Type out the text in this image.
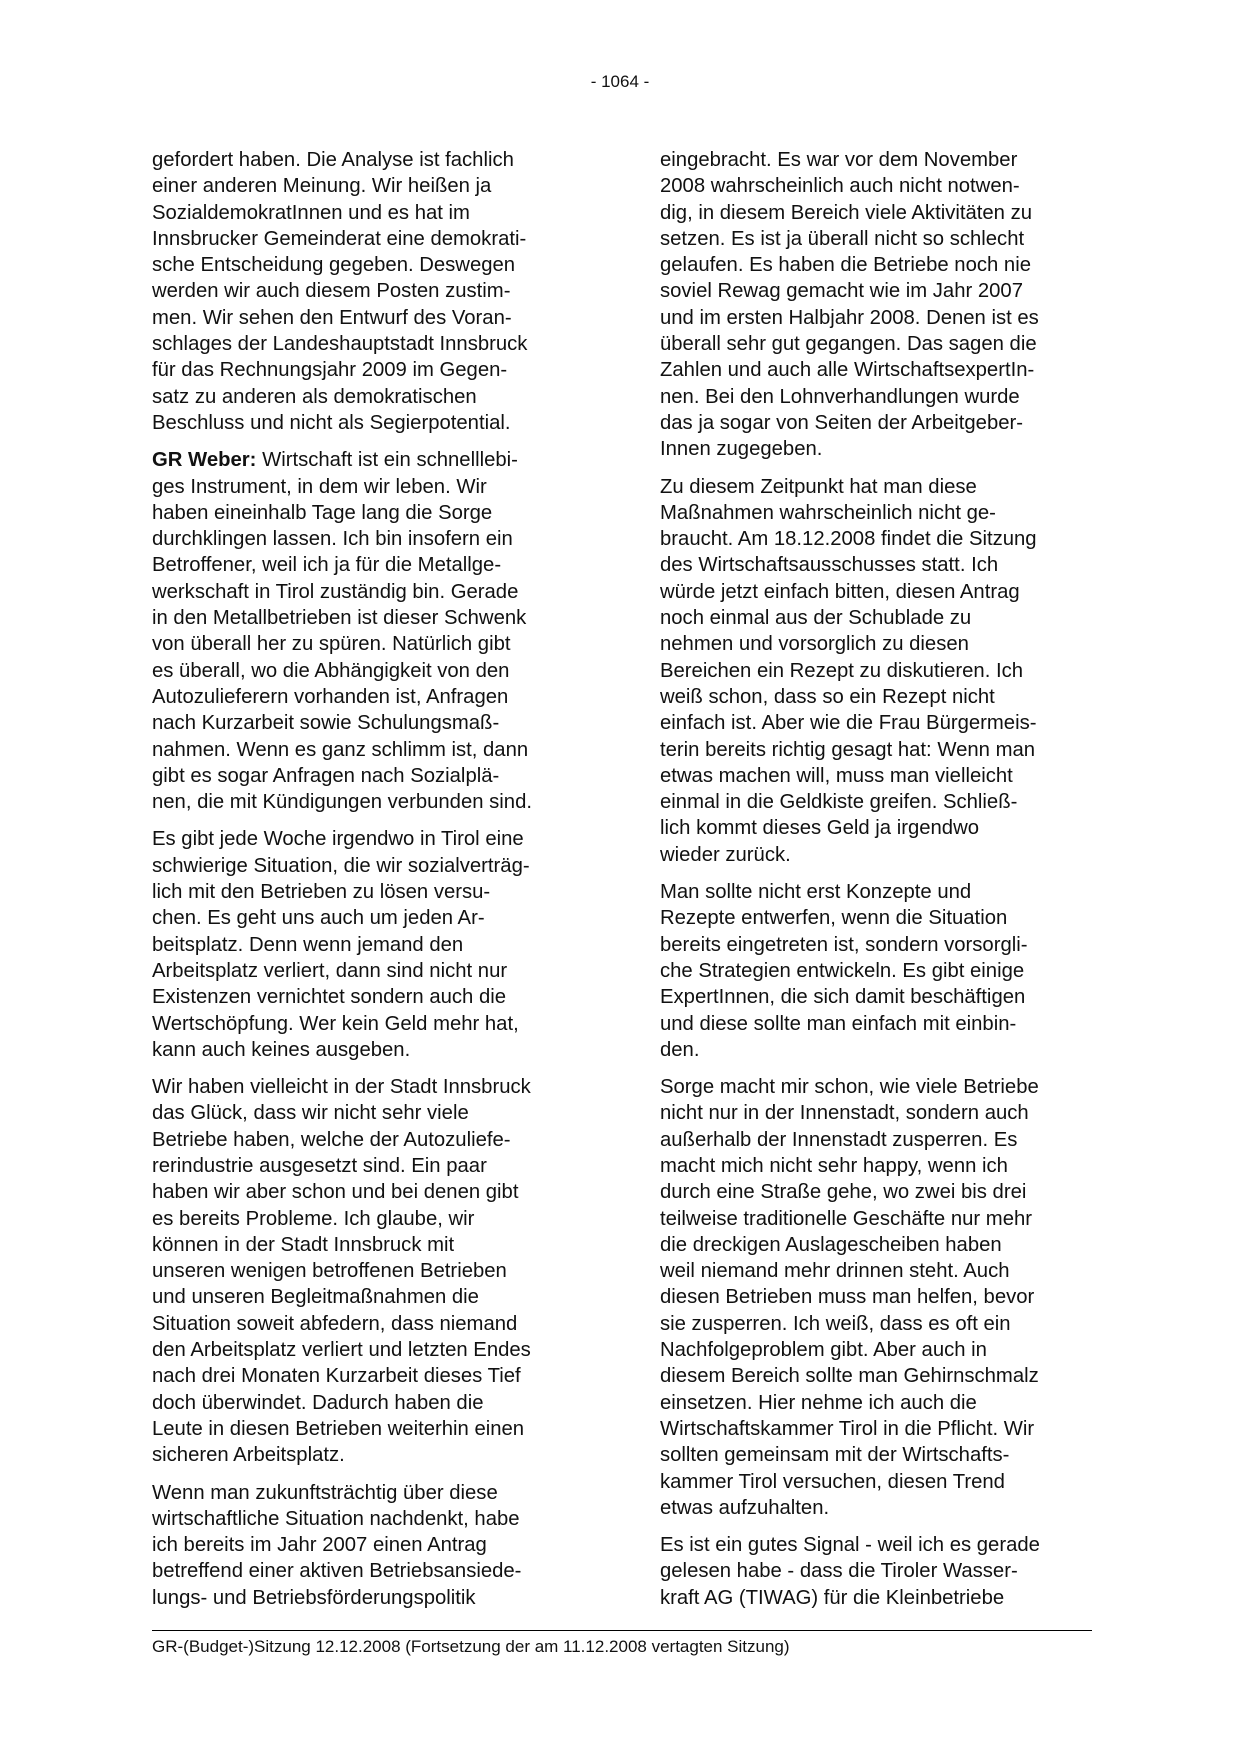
- 1064 -

gefordert haben. Die Analyse ist fachlich
einer anderen Meinung. Wir heißen ja
SozialdemokratInnen und es hat im
Innsbrucker Gemeinderat eine demokrati-
sche Entscheidung gegeben. Deswegen
werden wir auch diesem Posten zustim-
men. Wir sehen den Entwurf des Voran-
schlages der Landeshauptstadt Innsbruck
für das Rechnungsjahr 2009 im Gegen-
satz zu anderen als demokratischen
Beschluss und nicht als Segierpotential.

GR Weber: Wirtschaft ist ein schnelllebi-
ges Instrument, in dem wir leben. Wir
haben eineinhalb Tage lang die Sorge
durchklingen lassen. Ich bin insofern ein
Betroffener, weil ich ja für die Metallge-
werkschaft in Tirol zuständig bin. Gerade
in den Metallbetrieben ist dieser Schwenk
von überall her zu spüren. Natürlich gibt
es überall, wo die Abhängigkeit von den
Autozulieferern vorhanden ist, Anfragen
nach Kurzarbeit sowie Schulungsmaß-
nahmen. Wenn es ganz schlimm ist, dann
gibt es sogar Anfragen nach Sozialplä-
nen, die mit Kündigungen verbunden sind.

Es gibt jede Woche irgendwo in Tirol eine
schwierige Situation, die wir sozialverträg-
lich mit den Betrieben zu lösen versu-
chen. Es geht uns auch um jeden Ar-
beitsplatz. Denn wenn jemand den
Arbeitsplatz verliert, dann sind nicht nur
Existenzen vernichtet sondern auch die
Wertschöpfung. Wer kein Geld mehr hat,
kann auch keines ausgeben.

Wir haben vielleicht in der Stadt Innsbruck
das Glück, dass wir nicht sehr viele
Betriebe haben, welche der Autozuliefe-
rerindustrie ausgesetzt sind. Ein paar
haben wir aber schon und bei denen gibt
es bereits Probleme. Ich glaube, wir
können in der Stadt Innsbruck mit
unseren wenigen betroffenen Betrieben
und unseren Begleitmaßnahmen die
Situation soweit abfedern, dass niemand
den Arbeitsplatz verliert und letzten Endes
nach drei Monaten Kurzarbeit dieses Tief
doch überwindet. Dadurch haben die
Leute in diesen Betrieben weiterhin einen
sicheren Arbeitsplatz.

Wenn man zukunftsträchtig über diese
wirtschaftliche Situation nachdenkt, habe
ich bereits im Jahr 2007 einen Antrag
betreffend einer aktiven Betriebsansiede-
lungs- und Betriebsförderungspolitik

eingebracht. Es war vor dem November
2008 wahrscheinlich auch nicht notwen-
dig, in diesem Bereich viele Aktivitäten zu
setzen. Es ist ja überall nicht so schlecht
gelaufen. Es haben die Betriebe noch nie
soviel Rewag gemacht wie im Jahr 2007
und im ersten Halbjahr 2008. Denen ist es
überall sehr gut gegangen. Das sagen die
Zahlen und auch alle WirtschaftsexpertIn-
nen. Bei den Lohnverhandlungen wurde
das ja sogar von Seiten der Arbeitgeber-
Innen zugegeben.

Zu diesem Zeitpunkt hat man diese
Maßnahmen wahrscheinlich nicht ge-
braucht. Am 18.12.2008 findet die Sitzung
des Wirtschaftsausschusses statt. Ich
würde jetzt einfach bitten, diesen Antrag
noch einmal aus der Schublade zu
nehmen und vorsorglich zu diesen
Bereichen ein Rezept zu diskutieren. Ich
weiß schon, dass so ein Rezept nicht
einfach ist. Aber wie die Frau Bürgermeis-
terin bereits richtig gesagt hat: Wenn man
etwas machen will, muss man vielleicht
einmal in die Geldkiste greifen. Schließ-
lich kommt dieses Geld ja irgendwo
wieder zurück.

Man sollte nicht erst Konzepte und
Rezepte entwerfen, wenn die Situation
bereits eingetreten ist, sondern vorsorgli-
che Strategien entwickeln. Es gibt einige
ExpertInnen, die sich damit beschäftigen
und diese sollte man einfach mit einbin-
den.

Sorge macht mir schon, wie viele Betriebe
nicht nur in der Innenstadt, sondern auch
außerhalb der Innenstadt zusperren. Es
macht mich nicht sehr happy, wenn ich
durch eine Straße gehe, wo zwei bis drei
teilweise traditionelle Geschäfte nur mehr
die dreckigen Auslagescheiben haben
weil niemand mehr drinnen steht. Auch
diesen Betrieben muss man helfen, bevor
sie zusperren. Ich weiß, dass es oft ein
Nachfolgeproblem gibt. Aber auch in
diesem Bereich sollte man Gehirnschmalz
einsetzen. Hier nehme ich auch die
Wirtschaftskammer Tirol in die Pflicht. Wir
sollten gemeinsam mit der Wirtschafts-
kammer Tirol versuchen, diesen Trend
etwas aufzuhalten.

Es ist ein gutes Signal - weil ich es gerade
gelesen habe - dass die Tiroler Wasser-
kraft AG (TIWAG) für die Kleinbetriebe

GR-(Budget-)Sitzung 12.12.2008 (Fortsetzung der am 11.12.2008 vertagten Sitzung)
